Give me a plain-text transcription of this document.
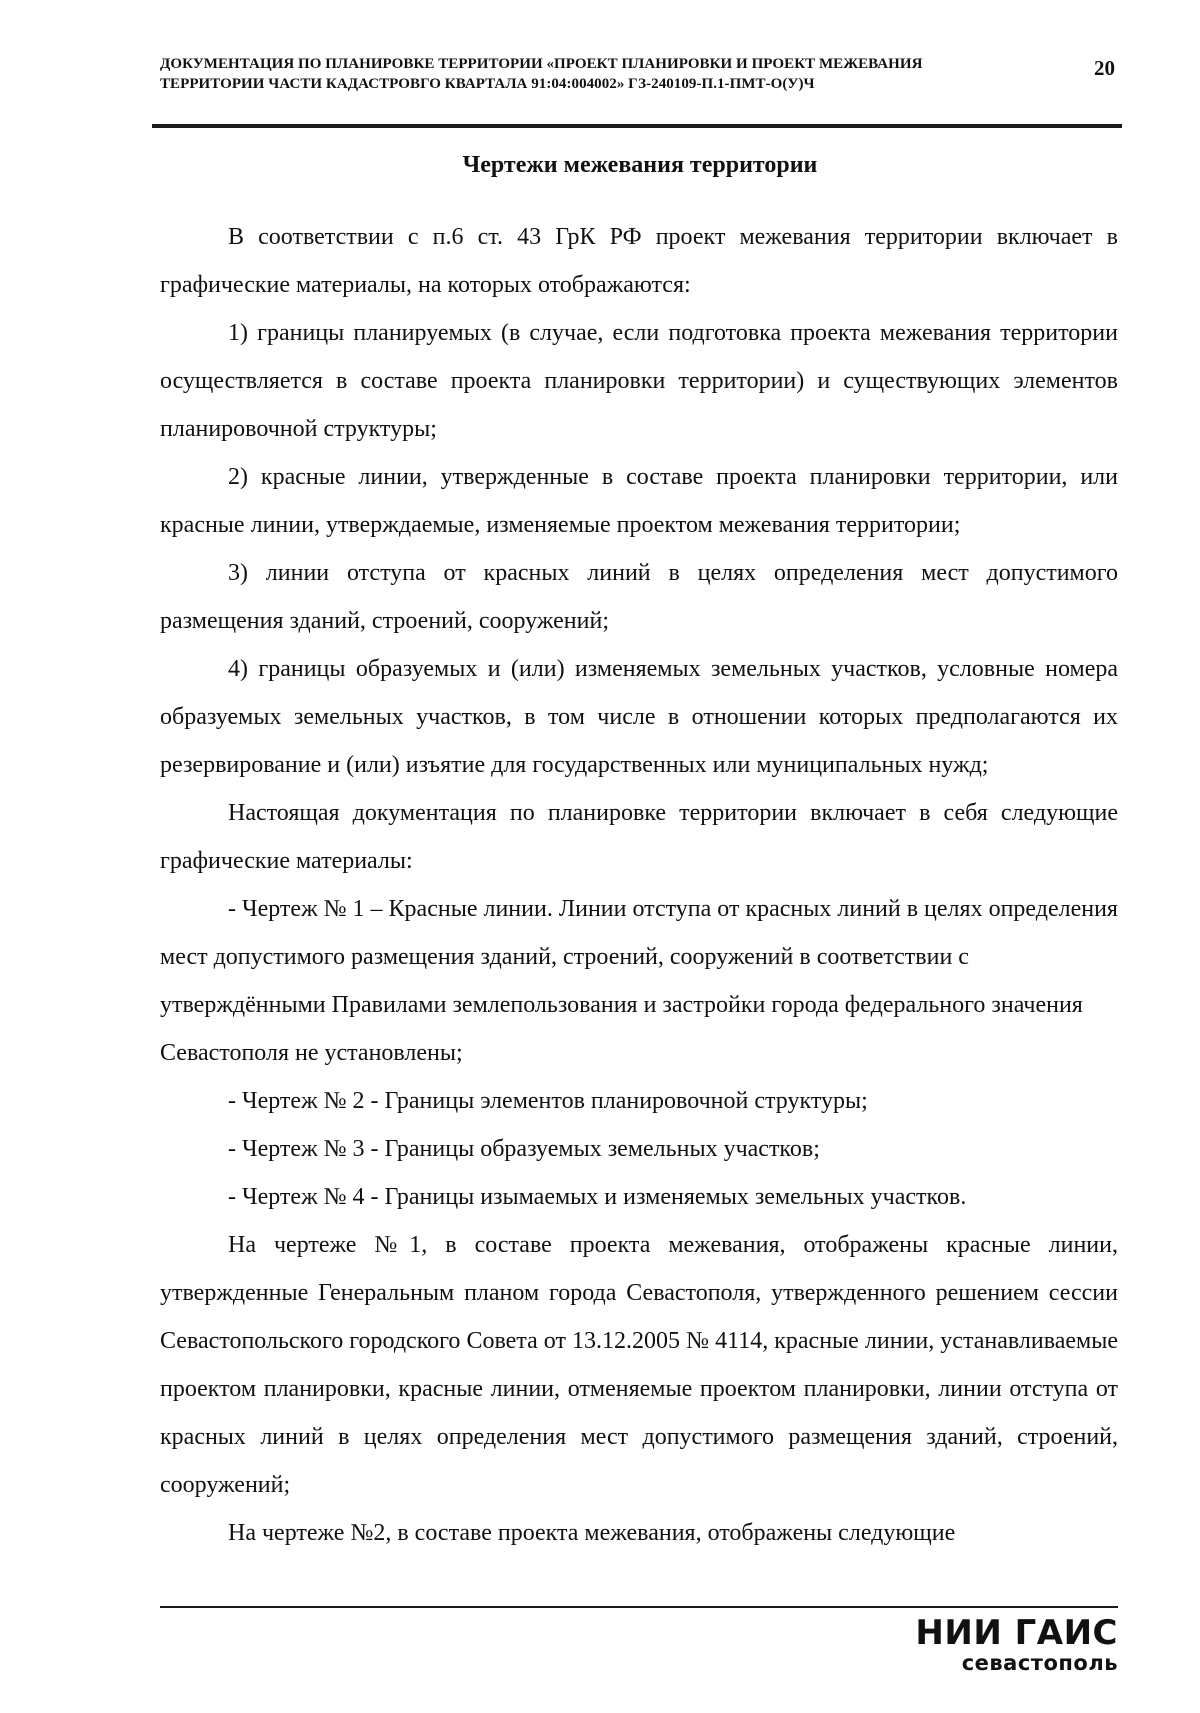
ДОКУМЕНТАЦИЯ ПО ПЛАНИРОВКЕ ТЕРРИТОРИИ «ПРОЕКТ ПЛАНИРОВКИ И ПРОЕКТ МЕЖЕВАНИЯ
ТЕРРИТОРИИ ЧАСТИ КАДАСТРОВГО КВАРТАЛА 91:04:004002» ГЗ-240109-П.1-ПМТ-О(У)Ч
20
Чертежи межевания территории

В соответствии с п.6 ст. 43 ГрК РФ проект межевания территории включает в графические материалы, на которых отображаются:

1) границы планируемых (в случае, если подготовка проекта межевания территории осуществляется в составе проекта планировки территории) и существующих элементов планировочной структуры;

2) красные линии, утвержденные в составе проекта планировки территории, или красные линии, утверждаемые, изменяемые проектом межевания территории;

3) линии отступа от красных линий в целях определения мест допустимого размещения зданий, строений, сооружений;

4) границы образуемых и (или) изменяемых земельных участков, условные номера образуемых земельных участков, в том числе в отношении которых предполагаются их резервирование и (или) изъятие для государственных или муниципальных нужд;

Настоящая документация по планировке территории включает в себя следующие графические материалы:

- Чертеж № 1 – Красные линии. Линии отступа от красных линий в целях определения мест допустимого размещения зданий, строений, сооружений в соответствии с утверждёнными Правилами землепользования и застройки города федерального значения Севастополя не установлены;

- Чертеж № 2 - Границы элементов планировочной структуры;

- Чертеж № 3 - Границы образуемых земельных участков;

- Чертеж № 4 - Границы изымаемых и изменяемых земельных участков.

На чертеже №1, в составе проекта межевания, отображены красные линии, утвержденные Генеральным планом города Севастополя, утвержденного решением сессии Севастопольского городского Совета от 13.12.2005 № 4114, красные линии, устанавливаемые проектом планировки, красные линии, отменяемые проектом планировки, линии отступа от красных линий в целях определения мест допустимого размещения зданий, строений, сооружений;

На чертеже №2, в составе проекта межевания, отображены следующие

НИИ ГАИС
севастополь
